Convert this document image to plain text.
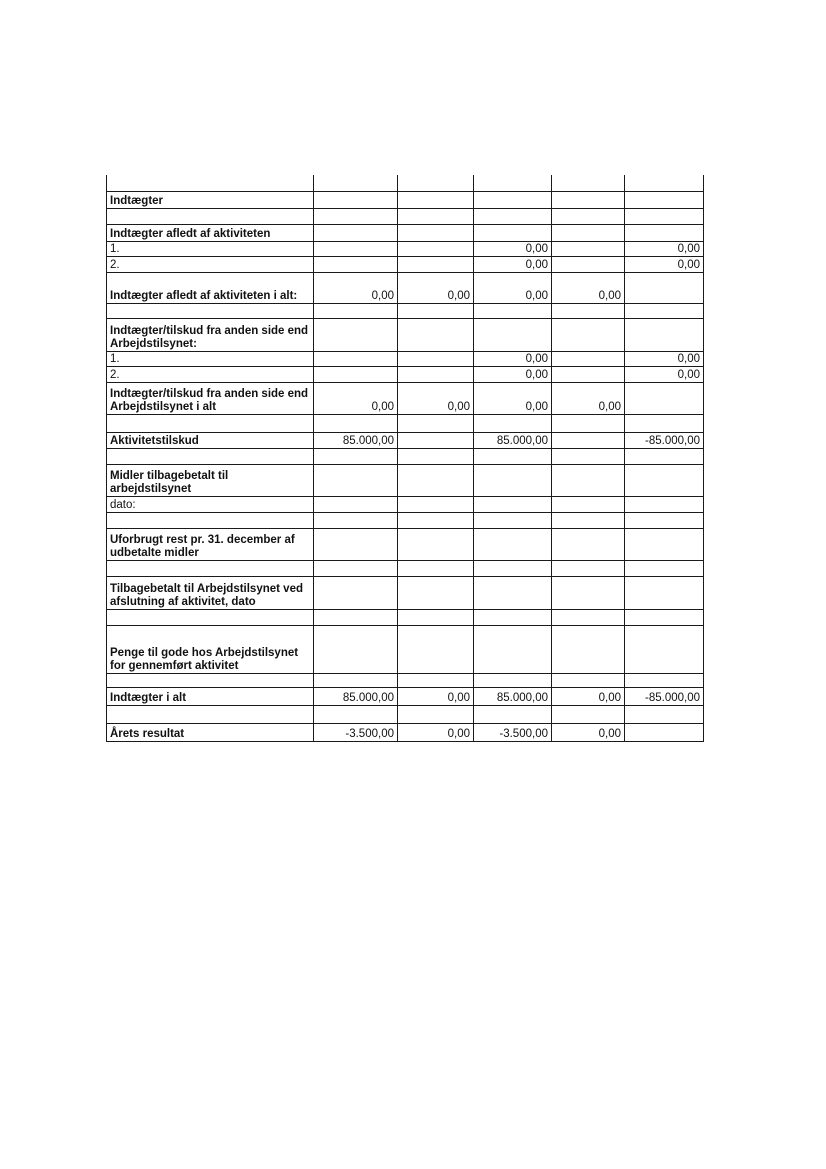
Indtægter					

Indtægter afledt af aktiviteten					
1.			0,00		0,00
2.			0,00		0,00
Indtægter afledt af aktiviteten i alt:	0,00	0,00	0,00	0,00	

Indtægter/tilskud fra anden side end Arbejdstilsynet:					
1.			0,00		0,00
2.			0,00		0,00
Indtægter/tilskud fra anden side end Arbejdstilsynet i alt	0,00	0,00	0,00	0,00	

Aktivitetstilskud	85.000,00		85.000,00		-85.000,00

Midler tilbagebetalt til arbejdstilsynet					
dato:					

Uforbrugt rest pr. 31. december af udbetalte midler					

Tilbagebetalt til Arbejdstilsynet ved afslutning af aktivitet, dato					

Penge til gode hos Arbejdstilsynet for gennemført aktivitet					

Indtægter i alt	85.000,00	0,00	85.000,00	0,00	-85.000,00

Årets resultat	-3.500,00	0,00	-3.500,00	0,00	
